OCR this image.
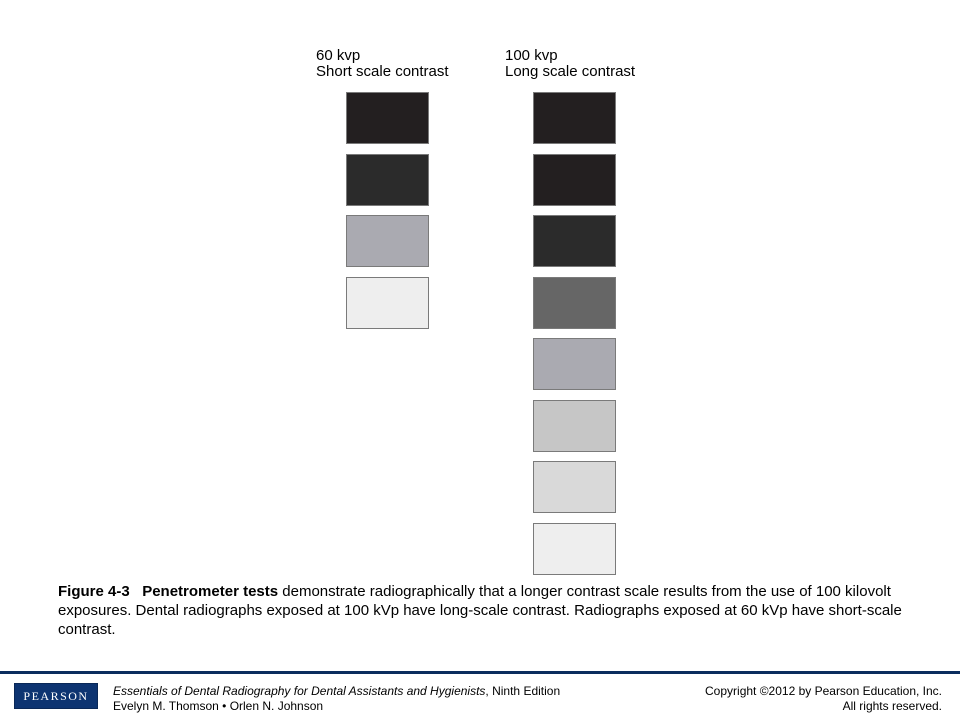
60 kvp
Short scale contrast
100 kvp
Long scale contrast
Figure 4-3 Penetrometer tests demonstrate radiographically that a longer contrast scale results from the use of 100 kilovolt exposures. Dental radiographs exposed at 100 kVp have long-scale contrast. Radiographs exposed at 60 kVp have short-scale contrast.
PEARSON	Essentials of Dental Radiography for Dental Assistants and Hygienists, Ninth Edition
Evelyn M. Thomson • Orlen N. Johnson
Copyright ©2012 by Pearson Education, Inc.
All rights reserved.
